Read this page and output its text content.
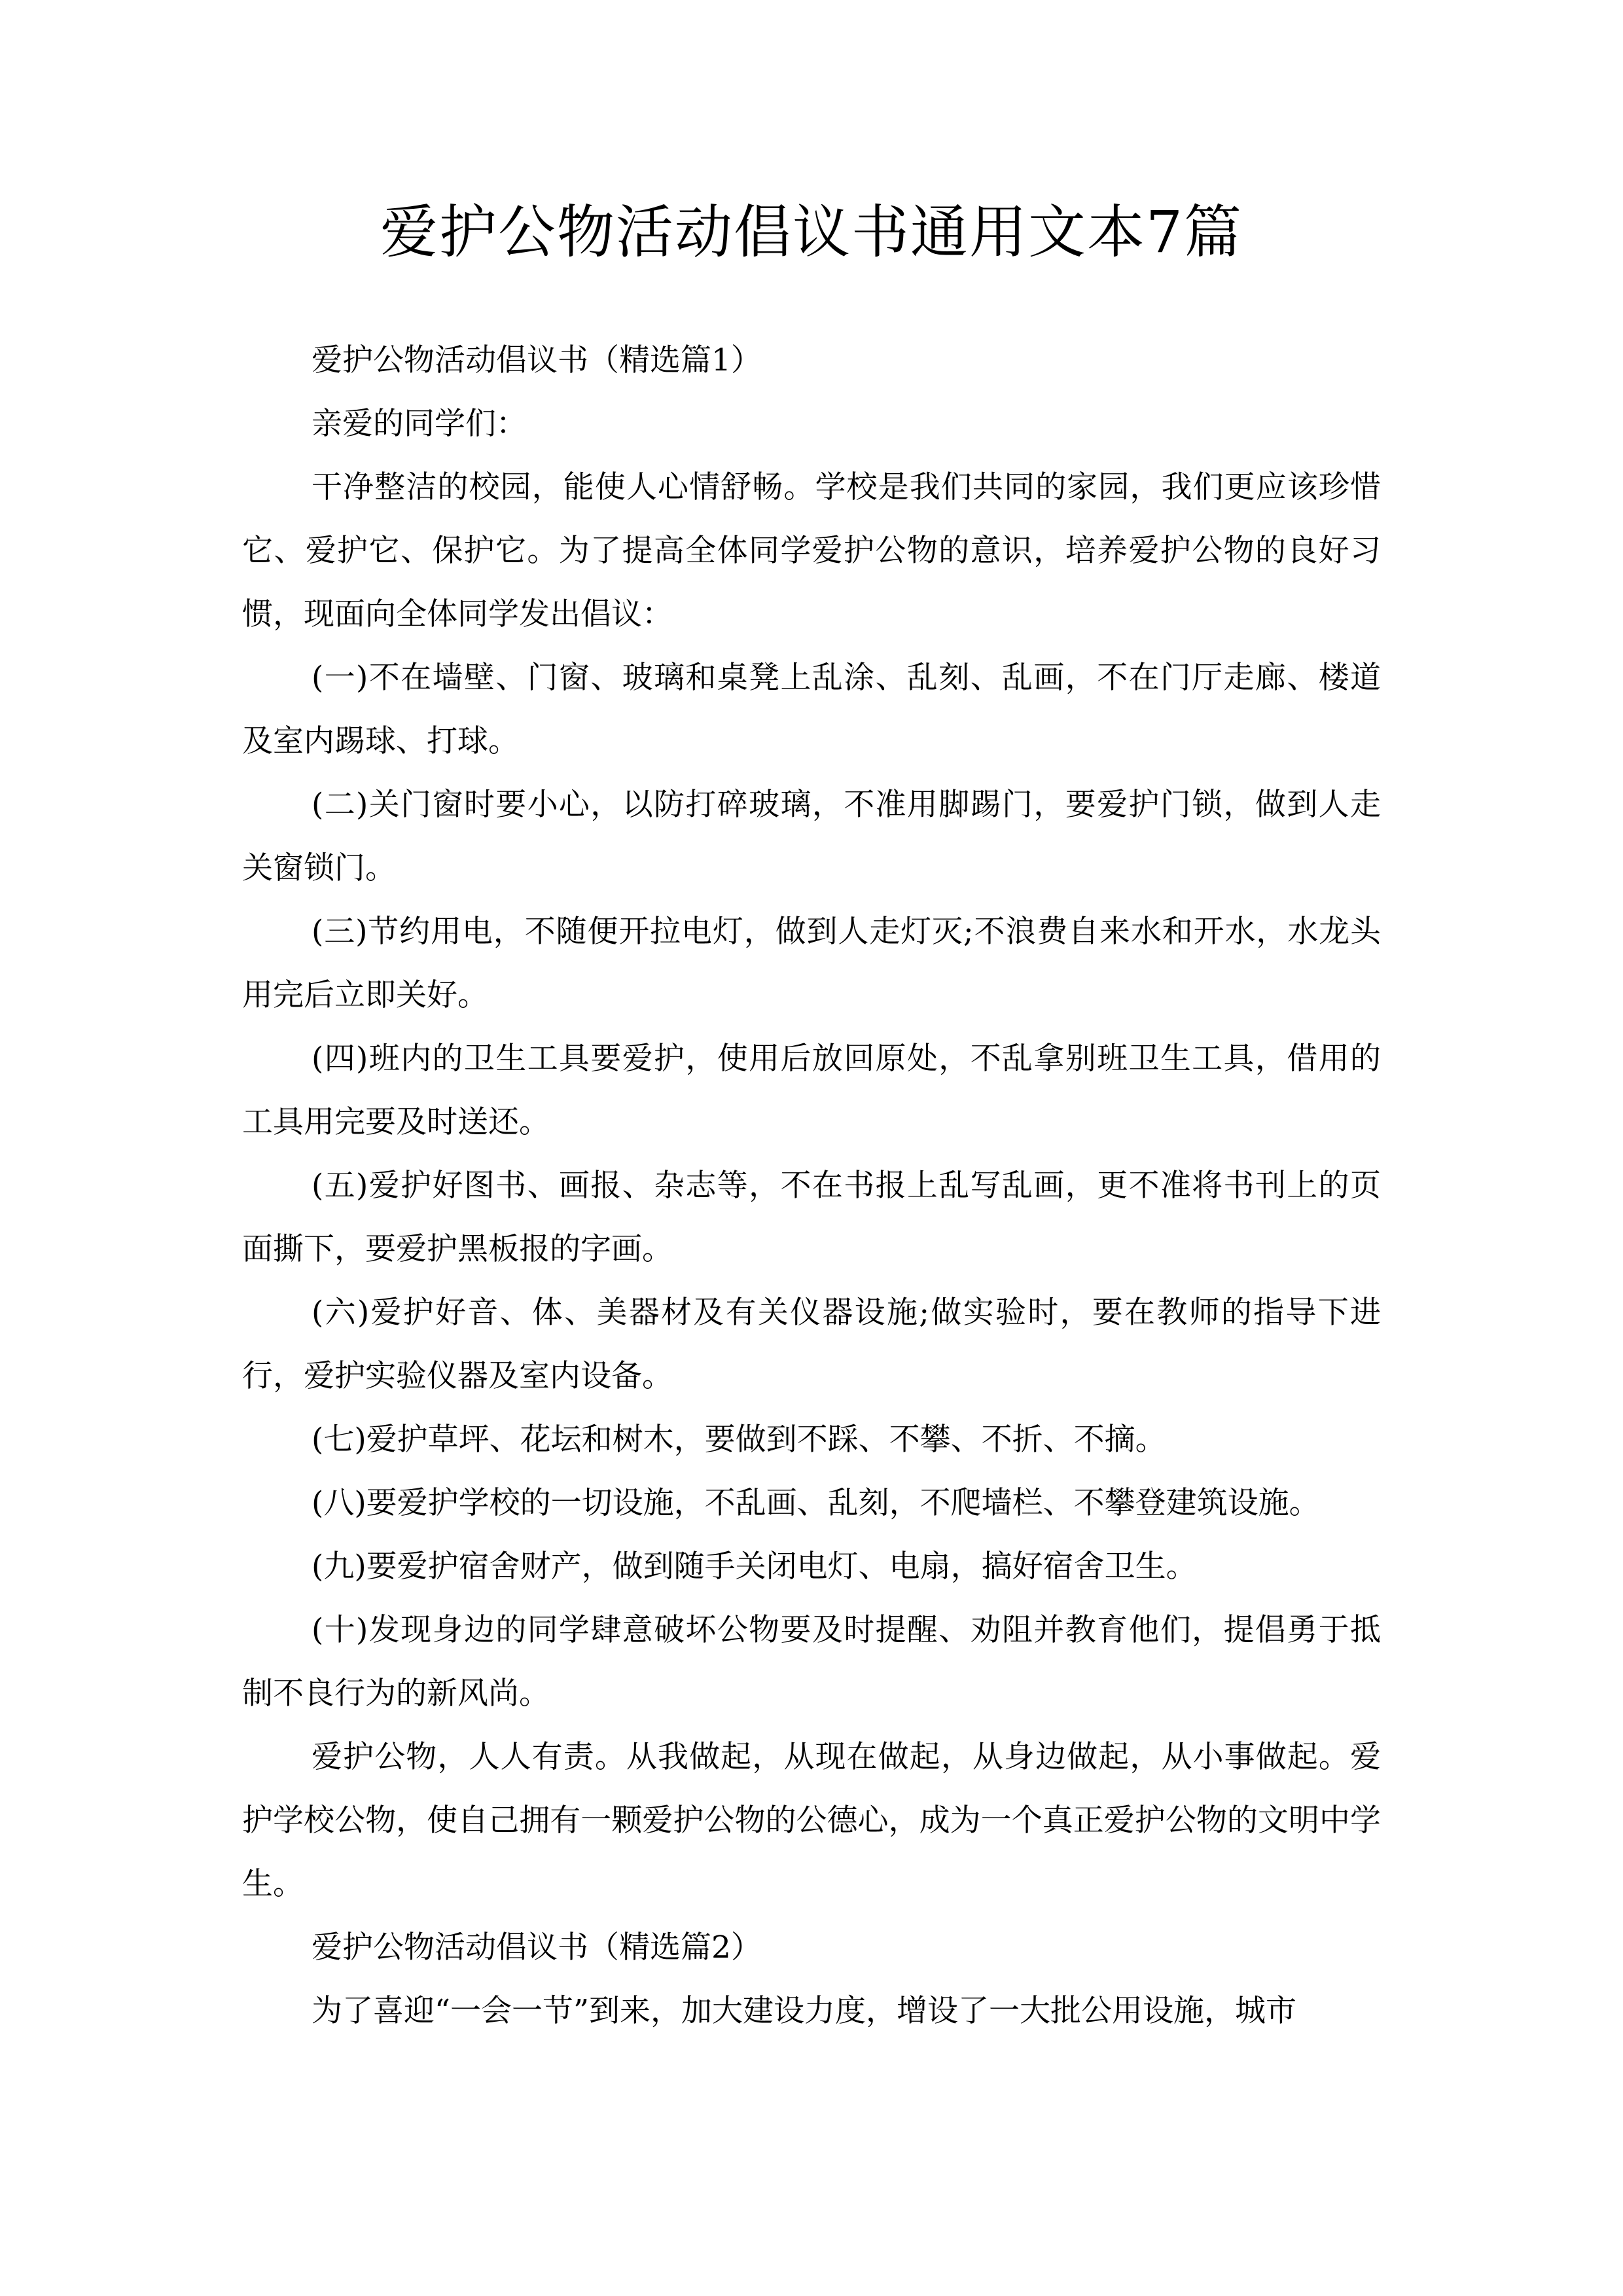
爱护公物活动倡议书通用文本7篇

爱护公物活动倡议书（精选篇1）

亲爱的同学们：

干净整洁的校园，能使人心情舒畅。学校是我们共同的家园，我们更应该珍惜它、爱护它、保护它。为了提高全体同学爱护公物的意识，培养爱护公物的良好习惯，现面向全体同学发出倡议：

(一)不在墙壁、门窗、玻璃和桌凳上乱涂、乱刻、乱画，不在门厅走廊、楼道及室内踢球、打球。

(二)关门窗时要小心，以防打碎玻璃，不准用脚踢门，要爱护门锁，做到人走关窗锁门。

(三)节约用电，不随便开拉电灯，做到人走灯灭;不浪费自来水和开水，水龙头用完后立即关好。

(四)班内的卫生工具要爱护，使用后放回原处，不乱拿别班卫生工具，借用的工具用完要及时送还。

(五)爱护好图书、画报、杂志等，不在书报上乱写乱画，更不准将书刊上的页面撕下，要爱护黑板报的字画。

(六)爱护好音、体、美器材及有关仪器设施;做实验时，要在教师的指导下进行，爱护实验仪器及室内设备。

(七)爱护草坪、花坛和树木，要做到不踩、不攀、不折、不摘。

(八)要爱护学校的一切设施，不乱画、乱刻，不爬墙栏、不攀登建筑设施。

(九)要爱护宿舍财产，做到随手关闭电灯、电扇，搞好宿舍卫生。

(十)发现身边的同学肆意破坏公物要及时提醒、劝阻并教育他们，提倡勇于抵制不良行为的新风尚。

爱护公物，人人有责。从我做起，从现在做起，从身边做起，从小事做起。爱护学校公物，使自己拥有一颗爱护公物的公德心，成为一个真正爱护公物的文明中学生。

爱护公物活动倡议书（精选篇2）

为了喜迎“一会一节”到来，加大建设力度，增设了一大批公用设施，城市
